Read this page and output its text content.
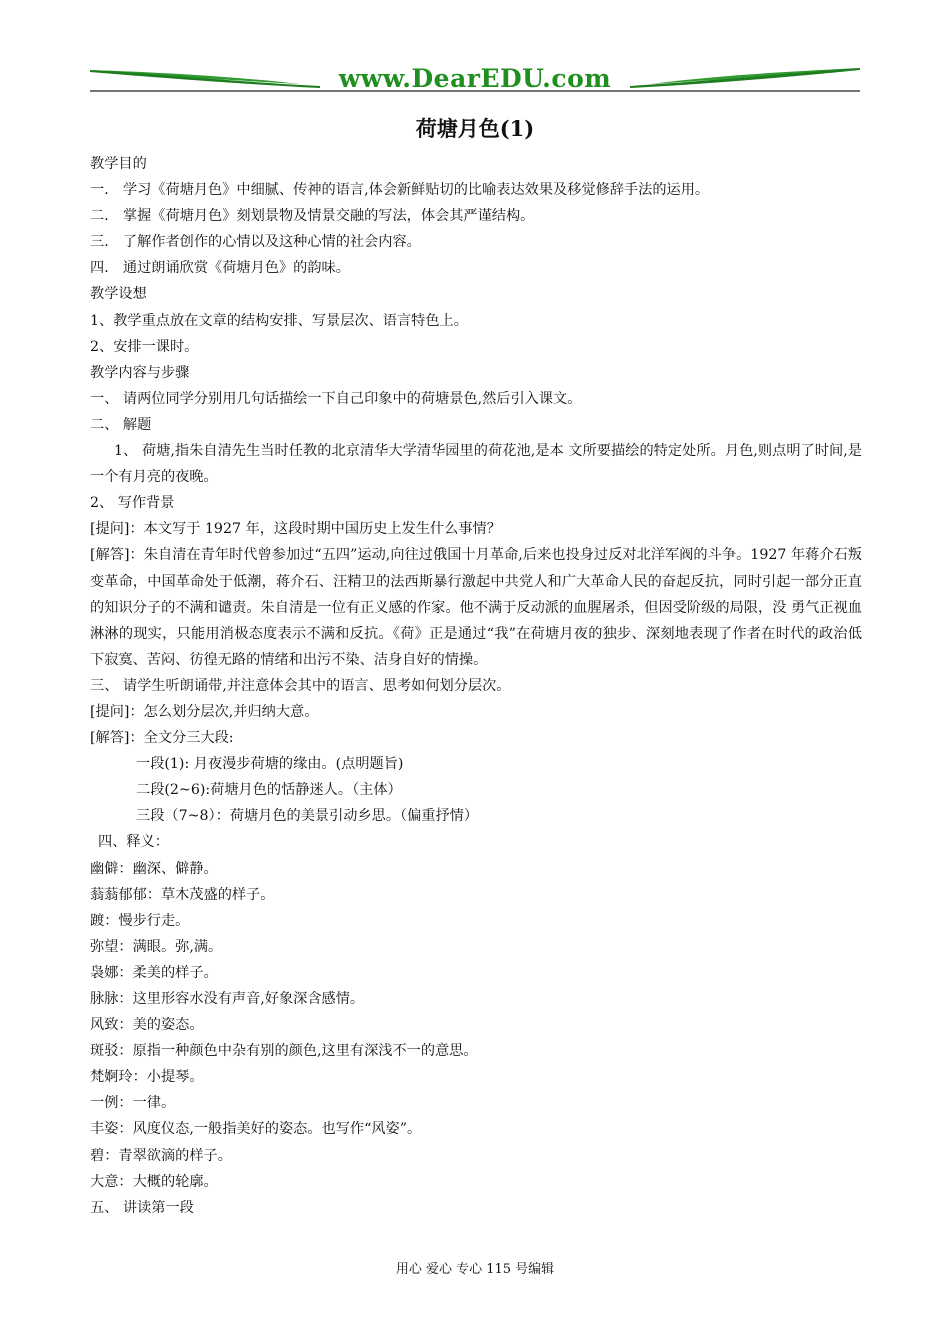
www.DearEDU.com
荷塘月色(1)

教学目的

一． 学习《荷塘月色》中细腻、传神的语言,体会新鲜贴切的比喻表达效果及移觉修辞手法的运用。

二． 掌握《荷塘月色》刻划景物及情景交融的写法，体会其严谨结构。

三． 了解作者创作的心情以及这种心情的社会内容。

四． 通过朗诵欣赏《荷塘月色》的韵味。

教学设想

1、教学重点放在文章的结构安排、写景层次、语言特色上。

2、安排一课时。

教学内容与步骤

一、 请两位同学分别用几句话描绘一下自己印象中的荷塘景色,然后引入课文。

二、 解题

1、 荷塘,指朱自清先生当时任教的北京清华大学清华园里的荷花池,是本 文所要描绘的特定处所。月色,则点明了时间,是一个有月亮的夜晚。

2、 写作背景

[提问]：本文写于 1927 年，这段时期中国历史上发生什么事情？

[解答]：朱自清在青年时代曾参加过“五四”运动,向往过俄国十月革命,后来也投身过反对北洋军阀的斗争。1927 年蒋介石叛变革命，中国革命处于低潮，蒋介石、汪精卫的法西斯暴行激起中共党人和广大革命人民的奋起反抗，同时引起一部分正直的知识分子的不满和谴责。朱自清是一位有正义感的作家。他不满于反动派的血腥屠杀，但因受阶级的局限，没 勇气正视血淋淋的现实，只能用消极态度表示不满和反抗。《荷》正是通过“我”在荷塘月夜的独步、深刻地表现了作者在时代的政治低下寂寞、苦闷、彷徨无路的情绪和出污不染、洁身自好的情操。

三、 请学生听朗诵带,并注意体会其中的语言、思考如何划分层次。

[提问]：怎么划分层次,并归纳大意。

[解答]：全文分三大段:

一段(1): 月夜漫步荷塘的缘由。(点明题旨)

二段(2~6):荷塘月色的恬静迷人。（主体）

三段（7~8）：荷塘月色的美景引动乡思。（偏重抒情）

四、释义：

幽僻：幽深、僻静。

蓊蓊郁郁：草木茂盛的样子。

踱：慢步行走。

弥望：满眼。弥,满。

袅娜：柔美的样子。

脉脉：这里形容水没有声音,好象深含感情。

风致：美的姿态。

斑驳：原指一种颜色中杂有别的颜色,这里有深浅不一的意思。

梵婀玲：小提琴。

一例：一律。

丰姿：风度仪态,一般指美好的姿态。也写作“风姿”。

碧：青翠欲滴的样子。

大意：大概的轮廓。

五、 讲读第一段

用心 爱心 专心 115 号编辑
